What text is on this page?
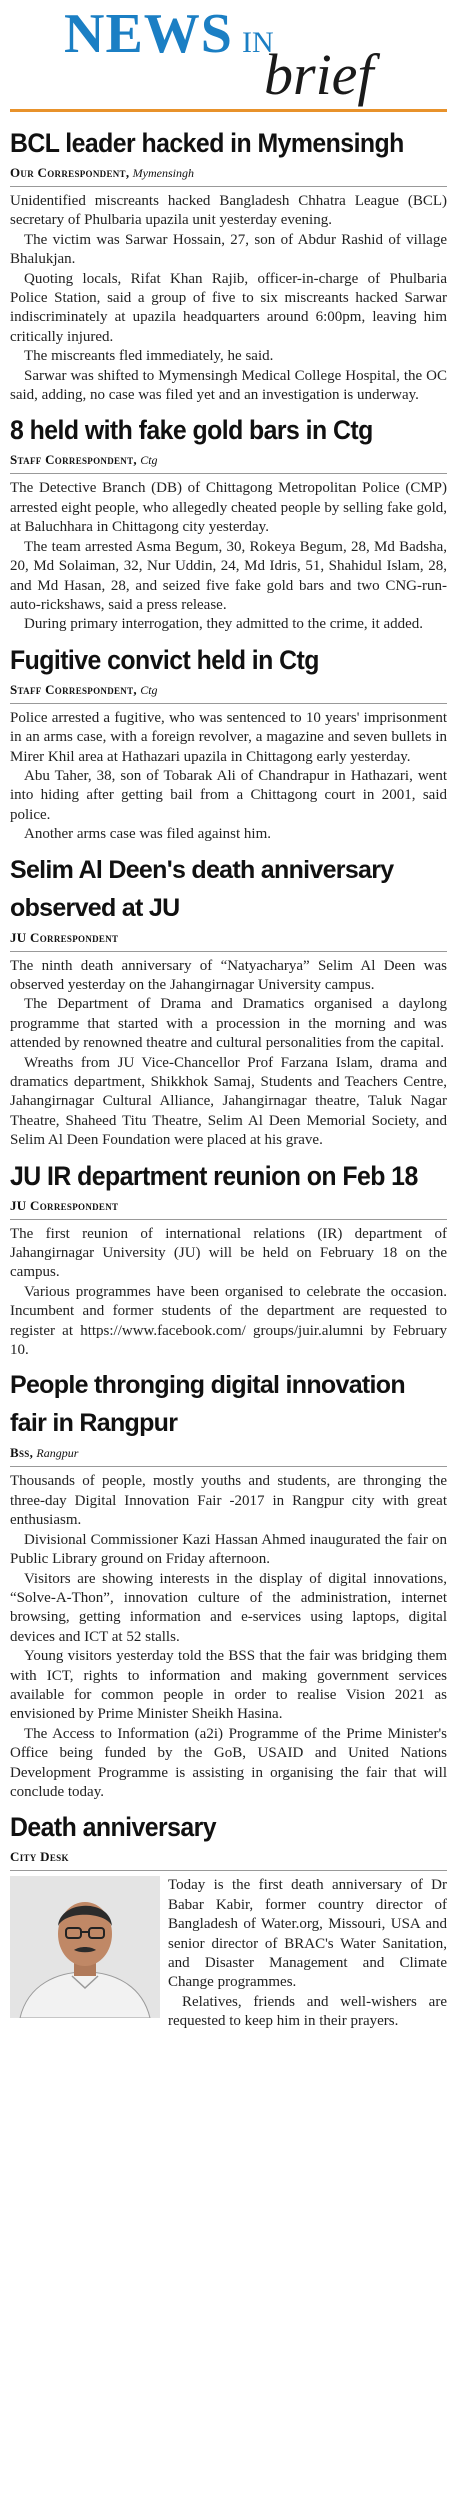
NEWS IN
brief
BCL leader hacked in Mymensingh
Our Correspondent, Mymensingh

Unidentified miscreants hacked Bangladesh Chhatra League (BCL) secretary of Phulbaria upazila unit yesterday evening.

The victim was Sarwar Hossain, 27, son of Abdur Rashid of village Bhalukjan.

Quoting locals, Rifat Khan Rajib, officer-in-charge of Phulbaria Police Station, said a group of five to six miscreants hacked Sarwar indiscriminately at upazila headquarters around 6:00pm, leaving him critically injured.

The miscreants fled immediately, he said.

Sarwar was shifted to Mymensingh Medical College Hospital, the OC said, adding, no case was filed yet and an investigation is underway.

8 held with fake gold bars in Ctg
Staff Correspondent, Ctg

The Detective Branch (DB) of Chittagong Metropolitan Police (CMP) arrested eight people, who allegedly cheated people by selling fake gold, at Baluchhara in Chittagong city yesterday.

The team arrested Asma Begum, 30, Rokeya Begum, 28, Md Badsha, 20, Md Solaiman, 32, Nur Uddin, 24, Md Idris, 51, Shahidul Islam, 28, and Md Hasan, 28, and seized five fake gold bars and two CNG-run-auto-rickshaws, said a press release.

During primary interrogation, they admitted to the crime, it added.

Fugitive convict held in Ctg
Staff Correspondent, Ctg

Police arrested a fugitive, who was sentenced to 10 years' imprisonment in an arms case, with a foreign revolver, a magazine and seven bullets in Mirer Khil area at Hathazari upazila in Chittagong early yesterday.

Abu Taher, 38, son of Tobarak Ali of Chandrapur in Hathazari, went into hiding after getting bail from a Chittagong court in 2001, said police.

Another arms case was filed against him.

Selim Al Deen's death anniversary observed at JU
JU Correspondent

The ninth death anniversary of “Natyacharya” Selim Al Deen was observed yesterday on the Jahangirnagar University campus.

The Department of Drama and Dramatics organised a daylong programme that started with a procession in the morning and was attended by renowned theatre and cultural personalities from the capital.

Wreaths from JU Vice-Chancellor Prof Farzana Islam, drama and dramatics department, Shikkhok Samaj, Students and Teachers Centre, Jahangirnagar Cultural Alliance, Jahangirnagar theatre, Taluk Nagar Theatre, Shaheed Titu Theatre, Selim Al Deen Memorial Society, and Selim Al Deen Foundation were placed at his grave.

JU IR department reunion on Feb 18
JU Correspondent

The first reunion of international relations (IR) department of Jahangirnagar University (JU) will be held on February 18 on the campus.

Various programmes have been organised to celebrate the occasion. Incumbent and former students of the department are requested to register at https://www.facebook.com/ groups/juir.alumni by February 10.

People thronging digital innovation fair in Rangpur
Bss, Rangpur

Thousands of people, mostly youths and students, are thronging the three-day Digital Innovation Fair -2017 in Rangpur city with great enthusiasm.

Divisional Commissioner Kazi Hassan Ahmed inaugurated the fair on Public Library ground on Friday afternoon.

Visitors are showing interests in the display of digital innovations, “Solve-A-Thon”, innovation culture of the administration, internet browsing, getting information and e-services using laptops, digital devices and ICT at 52 stalls.

Young visitors yesterday told the BSS that the fair was bridging them with ICT, rights to information and making government services available for common people in order to realise Vision 2021 as envisioned by Prime Minister Sheikh Hasina.

The Access to Information (a2i) Programme of the Prime Minister's Office being funded by the GoB, USAID and United Nations Development Programme is assisting in organising the fair that will conclude today.

Death anniversary
City Desk

Today is the first death anniversary of Dr Babar Kabir, former country director of Bangladesh of Water.org, Missouri, USA and senior director of BRAC's Water Sanitation, and Disaster Management and Climate Change programmes.

Relatives, friends and well-wishers are requested to keep him in their prayers.
